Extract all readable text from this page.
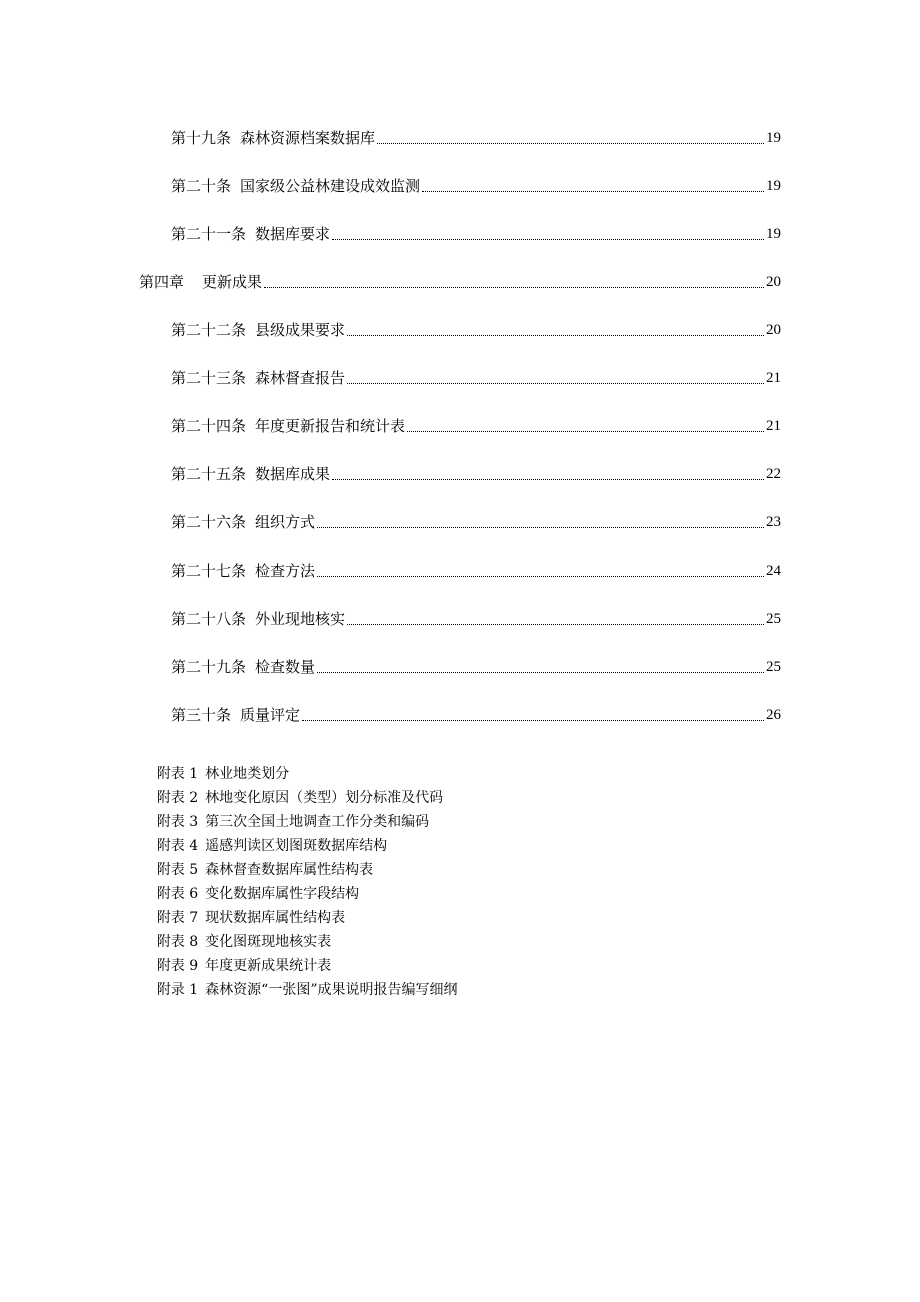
第十九条 森林资源档案数据库	19
第二十条 国家级公益林建设成效监测	19
第二十一条 数据库要求	19
第四章 更新成果	20
第二十二条 县级成果要求	20
第二十三条 森林督查报告	21
第二十四条 年度更新报告和统计表	21
第二十五条 数据库成果	22
第二十六条 组织方式	23
第二十七条 检查方法	24
第二十八条 外业现地核实	25
第二十九条 检查数量	25
第三十条 质量评定	26

附表 1 林业地类划分

附表 2 林地变化原因（类型）划分标准及代码

附表 3 第三次全国土地调查工作分类和编码

附表 4 遥感判读区划图斑数据库结构

附表 5 森林督查数据库属性结构表

附表 6 变化数据库属性字段结构

附表 7 现状数据库属性结构表

附表 8 变化图斑现地核实表

附表 9 年度更新成果统计表

附录 1 森林资源“一张图”成果说明报告编写细纲
